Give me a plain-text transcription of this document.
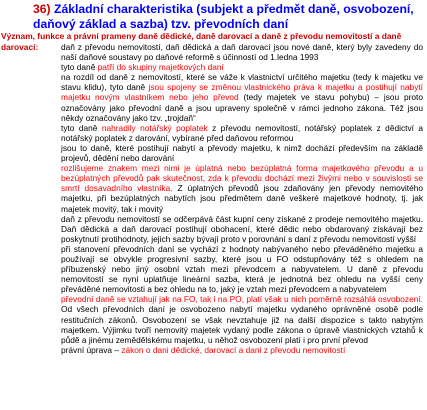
36) Základní charakteristika (subjekt a předmět daně, osvobození, daňový základ a sazba) tzv. převodních daní
Význam, funkce a právní prameny daně dědické, daně darovací a daně z převodu nemovitostí a daně darovací:	daň z převodu nemovitostí, daň dědická a daň darovací jsou nové daně, který byly zavedeny do naší daňové soustavy po daňové reformě s účinností od 1.ledna 1993

tyto daně patří do skupiny majetkových daní

na rozdíl od daně z nemovitostí, které se váže k vlastnictví určitého majetku (tedy k majetku ve stavu klidu), tyto daně jsou spojeny se změnou vlastnického práva k majetku a postihují nabytí majetku novým vlastníkem nebo jeho převod (tedy majetek ve stavu pohybu) – jsou proto označovány jako převodní daně a jsou upraveny společně v rámci jednoho zákona. Též jsou někdy označovány jako tzv. „trojdaň“

tyto daně nahradily notářský poplatek z převodu nemovitostí, notářský poplatek z dědictví a notářský poplatek z darování, vybírané před daňovou reformou

jsou to daně, které postihují nabytí a převody majetku, k nimž dochází především na základě projevů, dědění nebo darování

rozlišujeme znakem mezi nimi je úplatná nebo bezúplatná forma majetkového převodu a u bezúplatných převodů pak skutečnost, zda k převodu dochází mezi živými nebo v souvislosti se smrtí dosavadního vlastníka. Z úplatných převodů jsou zdaňovány jen převody nemovitého majetku, při bezúplatných nabytích jsou předmětem daně veškeré majetkové hodnoty, tj. jak majetek movitý, tak i movitý

daň z převodu nemovitostí se odčerpává část kupní ceny získané z prodeje nemovitého majetku. Daň dědická a daň darovací postihují obohacení, které dědic nebo obdarovaný získávají bez poskytnutí protihodnoty, jejich sazby bývají proto v porovnání s daní z převodu nemovitostí vyšší

při stanovení převodních daní se vychází z hodnoty nabývaného nebo převáděného majetku a používají se obvykle progresivní sazby, které jsou u FO odstupňovány též s ohledem na příbuzenský nebo jiný osobní vztah mezi převodcem a nabyvatelem. U daně z převodu nemovitostí se nyní uplatňuje lineární sazba, která je jednotná bez ohledu na vyšší ceny převáděné nemovitosti a bez ohledu na to, jaký je vztah mezi převodcem a nabyvatelem

převodní daně se vztahují jak na FO, tak i na PO, platí však u nich poměrně rozsáhlá osvobození. Od všech převodních daní je osvobozeno nabytí majetku vydaného oprávněné osobě podle restitučních zákonů. Osvobození se však nevztahuje již na další dispozice s takto nabytým majetkem. Výjimku tvoří nemovitý majetek vydaný podle zákona o úpravě vlastnických vztahů k půdě a jinému zemědělskému majetku, u něhož osvobození platí i pro první převod

právní úprava – zákon o dani dědické, darovací a dani z převodu nemovitostí
